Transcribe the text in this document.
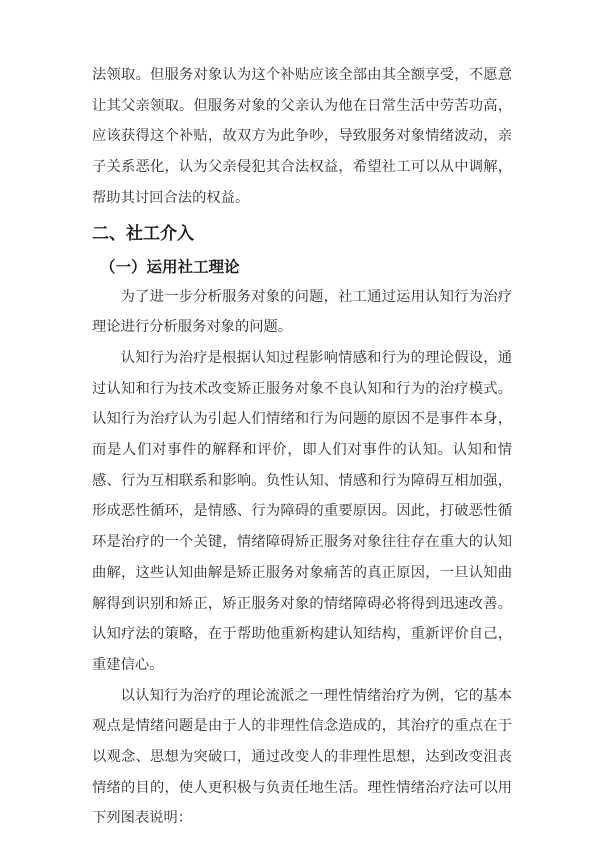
法领取。但服务对象认为这个补贴应该全部由其全额享受，不愿意让其父亲领取。但服务对象的父亲认为他在日常生活中劳苦功高，应该获得这个补贴，故双方为此争吵，导致服务对象情绪波动，亲子关系恶化，认为父亲侵犯其合法权益，希望社工可以从中调解，帮助其讨回合法的权益。

二、社工介入
（一）运用社工理论

为了进一步分析服务对象的问题，社工通过运用认知行为治疗理论进行分析服务对象的问题。

认知行为治疗是根据认知过程影响情感和行为的理论假设，通过认知和行为技术改变矫正服务对象不良认知和行为的治疗模式。认知行为治疗认为引起人们情绪和行为问题的原因不是事件本身，而是人们对事件的解释和评价，即人们对事件的认知。认知和情感、行为互相联系和影响。负性认知、情感和行为障碍互相加强，形成恶性循环，是情感、行为障碍的重要原因。因此，打破恶性循环是治疗的一个关键，情绪障碍矫正服务对象往往存在重大的认知曲解，这些认知曲解是矫正服务对象痛苦的真正原因，一旦认知曲解得到识别和矫正，矫正服务对象的情绪障碍必将得到迅速改善。认知疗法的策略，在于帮助他重新构建认知结构，重新评价自己，重建信心。

以认知行为治疗的理论流派之一理性情绪治疗为例，它的基本观点是情绪问题是由于人的非理性信念造成的，其治疗的重点在于以观念、思想为突破口，通过改变人的非理性思想，达到改变沮丧情绪的目的，使人更积极与负责任地生活。理性情绪治疗法可以用下列图表说明：
